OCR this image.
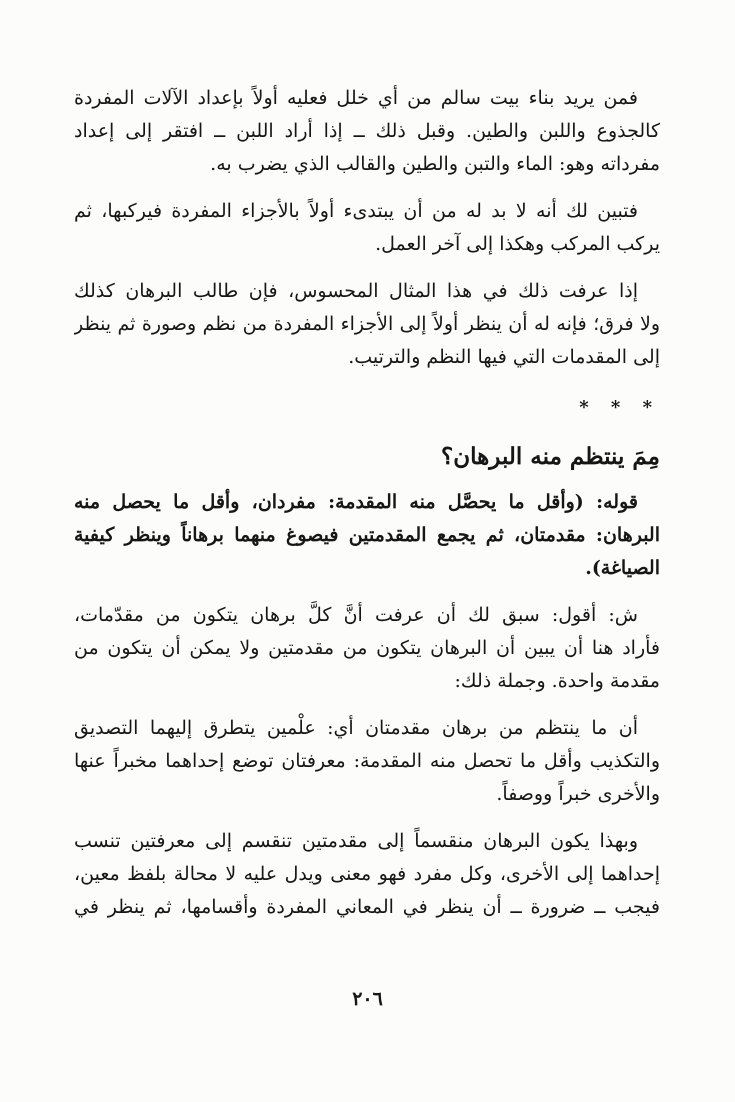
فمن يريد بناء بيت سالم من أي خلل فعليه أولاً بإعداد الآلات المفردة
كالجذوع واللبن والطين. وقبل ذلك ــ إذا أراد اللبن ــ افتقر إلى إعداد
مفرداته وهو: الماء والتبن والطين والقالب الذي يضرب به.
فتبين لك أنه لا بد له من أن يبتدىء أولاً بالأجزاء المفردة فيركبها، ثم
يركب المركب وهكذا إلى آخر العمل.
إذا عرفت ذلك في هذا المثال المحسوس، فإن طالب البرهان كذلك
ولا فرق؛ فإنه له أن ينظر أولاً إلى الأجزاء المفردة من نظم وصورة ثم ينظر
إلى المقدمات التي فيها النظم والترتيب.
* * *
مِمَ ينتظم منه البرهان؟
قوله: (وأقل ما يحصَّل منه المقدمة: مفردان، وأقل ما يحصل منه
البرهان: مقدمتان، ثم يجمع المقدمتين فيصوغ منهما برهاناً وينظر كيفية
الصياغة).
ش: أقول: سبق لك أن عرفت أنَّ كلَّ برهان يتكون من مقدّمات،
فأراد هنا أن يبين أن البرهان يتكون من مقدمتين ولا يمكن أن يتكون من
مقدمة واحدة. وجملة ذلك:
أن ما ينتظم من برهان مقدمتان أي: علْمين يتطرق إليهما التصديق
والتكذيب وأقل ما تحصل منه المقدمة: معرفتان توضع إحداهما مخبراً عنها
والأخرى خبراً ووصفاً.
وبهذا يكون البرهان منقسماً إلى مقدمتين تنقسم إلى معرفتين تنسب
إحداهما إلى الأخرى، وكل مفرد فهو معنى ويدل عليه لا محالة بلفظ معين،
فيجب ــ ضرورة ــ أن ينظر في المعاني المفردة وأقسامها، ثم ينظر في
٢٠٦
